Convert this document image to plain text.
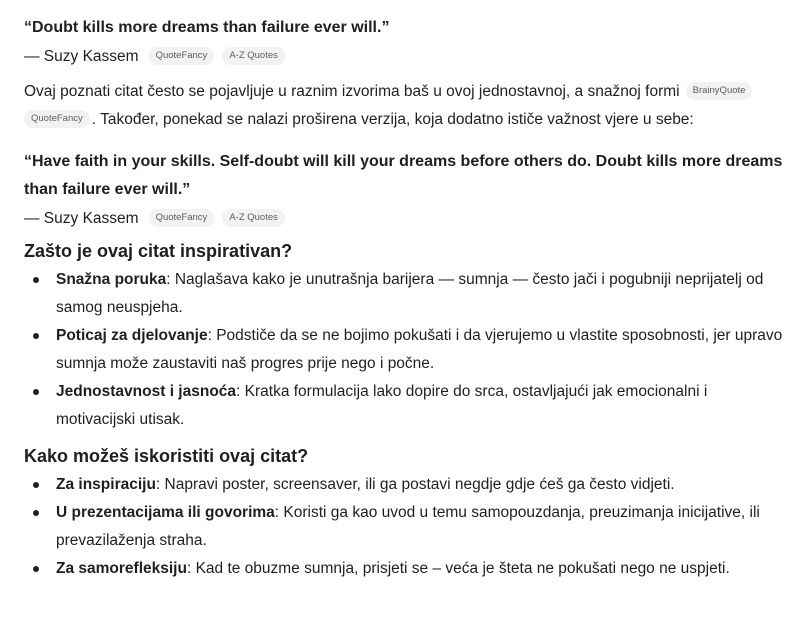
“Doubt kills more dreams than failure ever will.”

— Suzy Kassem	QuoteFancy	A-Z Quotes

Ovaj poznati citat često se pojavljuje u raznim izvorima baš u ovoj jednostavnoj, a snažnoj formi BrainyQuote
QuoteFancy . Također, ponekad se nalazi proširena verzija, koja dodatno ističe važnost vjere u sebe:

“Have faith in your skills. Self-doubt will kill your dreams before others do. Doubt kills more dreams than failure ever will.”

— Suzy Kassem	QuoteFancy	A-Z Quotes
Zašto je ovaj citat inspirativan?
Snažna poruka: Naglašava kako je unutrašnja barijera — sumnja — često jači i pogubniji neprijatelj od samog neuspjeha.
Poticaj za djelovanje: Podstiče da se ne bojimo pokušati i da vjerujemo u vlastite sposobnosti, jer upravo sumnja može zaustaviti naš progres prije nego i počne.
Jednostavnost i jasnoća: Kratka formulacija lako dopire do srca, ostavljajući jak emocionalni i motivacijski utisak.
Kako možeš iskoristiti ovaj citat?
Za inspiraciju: Napravi poster, screensaver, ili ga postavi negdje gdje ćeš ga često vidjeti.
U prezentacijama ili govorima: Koristi ga kao uvod u temu samopouzdanja, preuzimanja inicijative, ili prevazilaženja straha.
Za samorefleksiju: Kad te obuzme sumnja, prisjeti se – veća je šteta ne pokušati nego ne uspjeti.
